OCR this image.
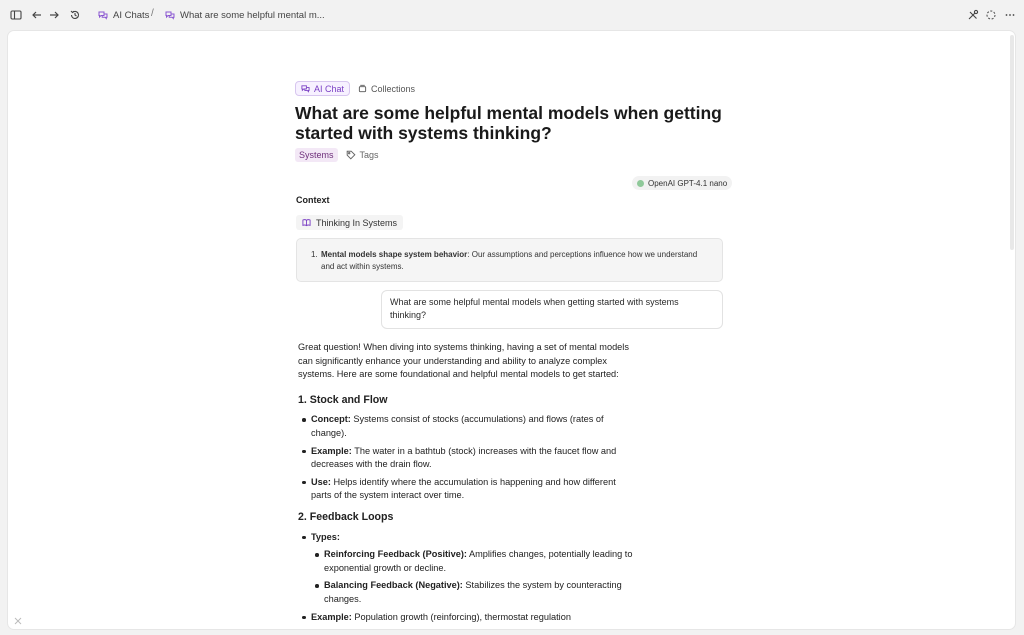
AI Chats /	What are some helpful mental m...
AI Chat	Collections
What are some helpful mental models when getting started with systems thinking?
Systems	Tags
OpenAI GPT-4.1 nano
Context
Thinking In Systems
1. Mental models shape system behavior: Our assumptions and perceptions influence how we understand and act within systems.
What are some helpful mental models when getting started with systems thinking?

Great question! When diving into systems thinking, having a set of mental models can significantly enhance your understanding and ability to analyze complex systems. Here are some foundational and helpful mental models to get started:

1. Stock and Flow
Concept: Systems consist of stocks (accumulations) and flows (rates of change).
Example: The water in a bathtub (stock) increases with the faucet flow and decreases with the drain flow.
Use: Helps identify where the accumulation is happening and how different parts of the system interact over time.
2. Feedback Loops
Types:
Reinforcing Feedback (Positive): Amplifies changes, potentially leading to exponential growth or decline.
Balancing Feedback (Negative): Stabilizes the system by counteracting changes.
Example: Population growth (reinforcing), thermostat regulation
